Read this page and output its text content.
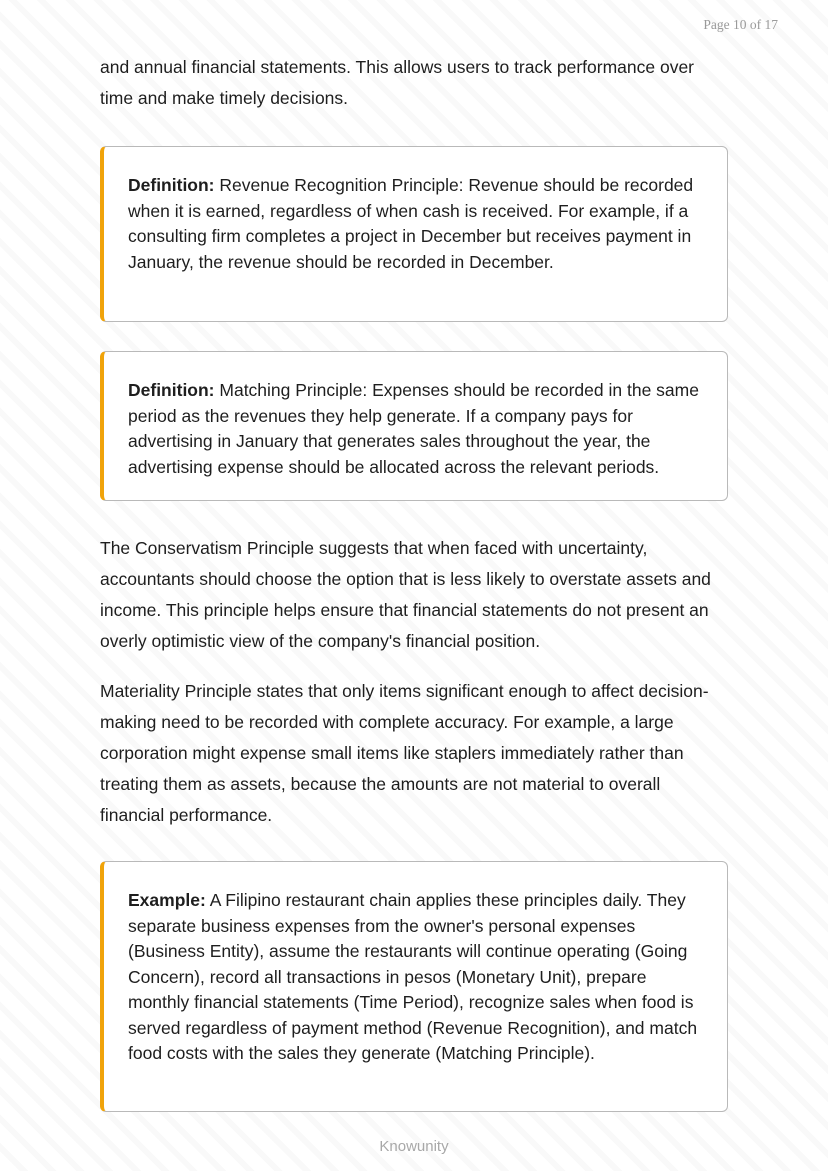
Page 10 of 17

and annual financial statements. This allows users to track performance over time and make timely decisions.

Definition: Revenue Recognition Principle: Revenue should be recorded when it is earned, regardless of when cash is received. For example, if a consulting firm completes a project in December but receives payment in January, the revenue should be recorded in December.
Definition: Matching Principle: Expenses should be recorded in the same period as the revenues they help generate. If a company pays for advertising in January that generates sales throughout the year, the advertising expense should be allocated across the relevant periods.

The Conservatism Principle suggests that when faced with uncertainty, accountants should choose the option that is less likely to overstate assets and income. This principle helps ensure that financial statements do not present an overly optimistic view of the company's financial position.

Materiality Principle states that only items significant enough to affect decision-making need to be recorded with complete accuracy. For example, a large corporation might expense small items like staplers immediately rather than treating them as assets, because the amounts are not material to overall financial performance.

Example: A Filipino restaurant chain applies these principles daily. They separate business expenses from the owner's personal expenses (Business Entity), assume the restaurants will continue operating (Going Concern), record all transactions in pesos (Monetary Unit), prepare monthly financial statements (Time Period), recognize sales when food is served regardless of payment method (Revenue Recognition), and match food costs with the sales they generate (Matching Principle).
Knowunity
